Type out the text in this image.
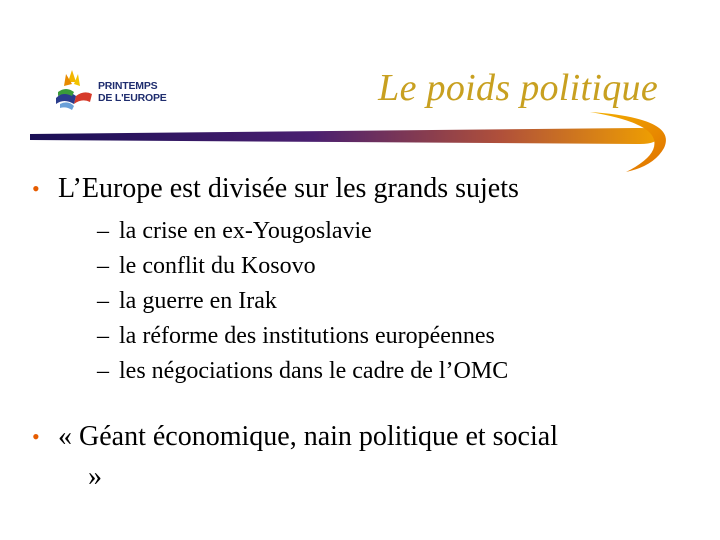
PRINTEMPS
DE L'EUROPE	Le poids politique
• L’Europe est divisée sur les grands sujets
– la crise en ex-Yougoslavie
– le conflit du Kosovo
– la guerre en Irak
– la réforme des institutions européennes
– les négociations dans le cadre de l’OMC
• « Géant économique, nain politique et social
»
